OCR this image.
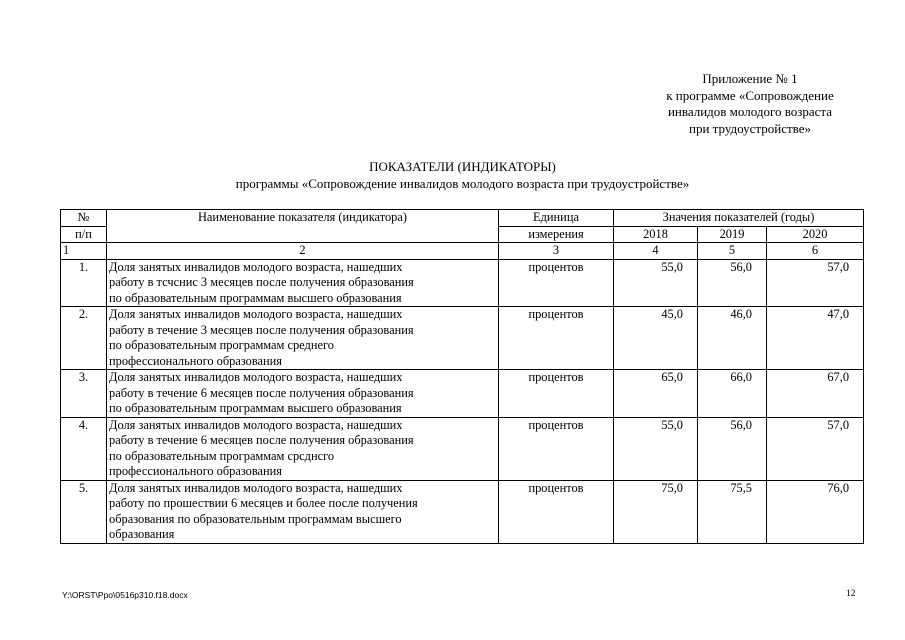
Приложение № 1
к программе «Сопровождение
инвалидов молодого возраста
при трудоустройстве»
ПОКАЗАТЕЛИ (ИНДИКАТОРЫ)
программы «Сопровождение инвалидов молодого возраста при трудоустройстве»
№	Наименование показателя (индикатора)	Единица	Значения показателей (годы)		
п/п		измерения	2018	2019	2020
1	2	3	4	5	6
1.	Доля занятых инвалидов молодого возраста, нашедших
работу в тсчснис 3 месяцев после получения образования
по образовательным программам высшего образования	процентов	55,0	56,0	57,0
2.	Доля занятых инвалидов молодого возраста, нашедших
работу в течение 3 месяцев после получения образования
по образовательным программам среднего
профессионального образования	процентов	45,0	46,0	47,0
3.	Доля занятых инвалидов молодого возраста, нашедших
работу в течение 6 месяцев после получения образования
по образовательным программам высшего образования	процентов	65,0	66,0	67,0
4.	Доля занятых инвалидов молодого возраста, нашедших
работу в течение 6 месяцев после получения образования
по образовательным программам срсднсго
профессионального образования	процентов	55,0	56,0	57,0
5.	Доля занятых инвалидов молодого возраста, нашедших
работу по прошествии 6 месяцев и более после получения
образования по образовательным программам высшего
образования	процентов	75,0	75,5	76,0
Y:\ORST\Ppo\0516p310.f18.docx	12
